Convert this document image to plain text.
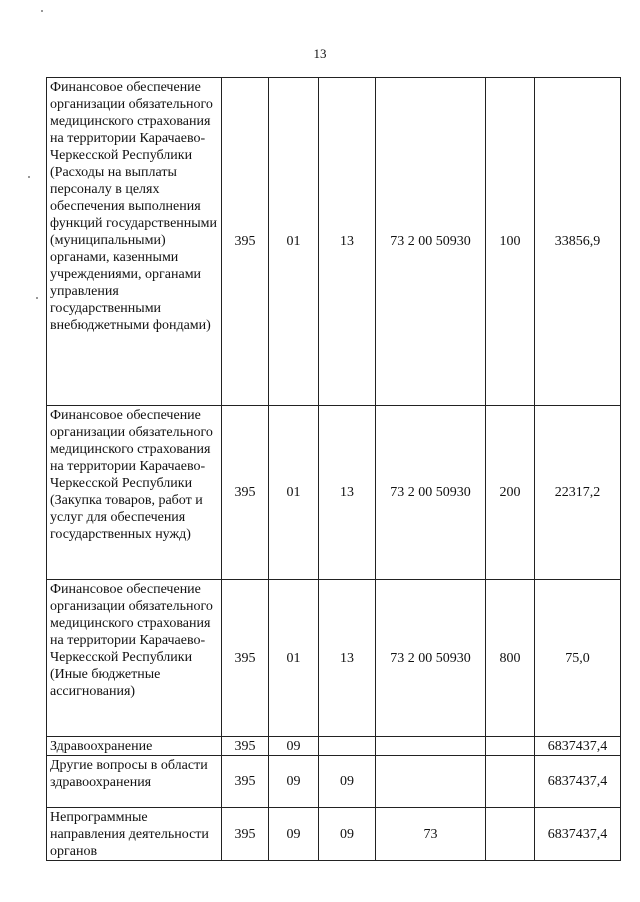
13
Финансовое обеспечение организации обязательного медицинского страхования на территории Карачаево-Черкесской Республики (Расходы на выплаты персоналу в целях обеспечения выполнения функций государственными (муниципальными) органами, казенными учреждениями, органами управления государственными внебюджетными фондами)	395	01	13	73 2 00 50930	100	33856,9
Финансовое обеспечение организации обязательного медицинского страхования на территории Карачаево-Черкесской Республики (Закупка товаров, работ и услуг для обеспечения государственных нужд)	395	01	13	73 2 00 50930	200	22317,2
Финансовое обеспечение организации обязательного медицинского страхования на территории Карачаево-Черкесской Республики (Иные бюджетные ассигнования)	395	01	13	73 2 00 50930	800	75,0
Здравоохранение	395	09				6837437,4
Другие вопросы в области здравоохранения	395	09	09			6837437,4
Непрограммные направления деятельности органов	395	09	09	73		6837437,4
